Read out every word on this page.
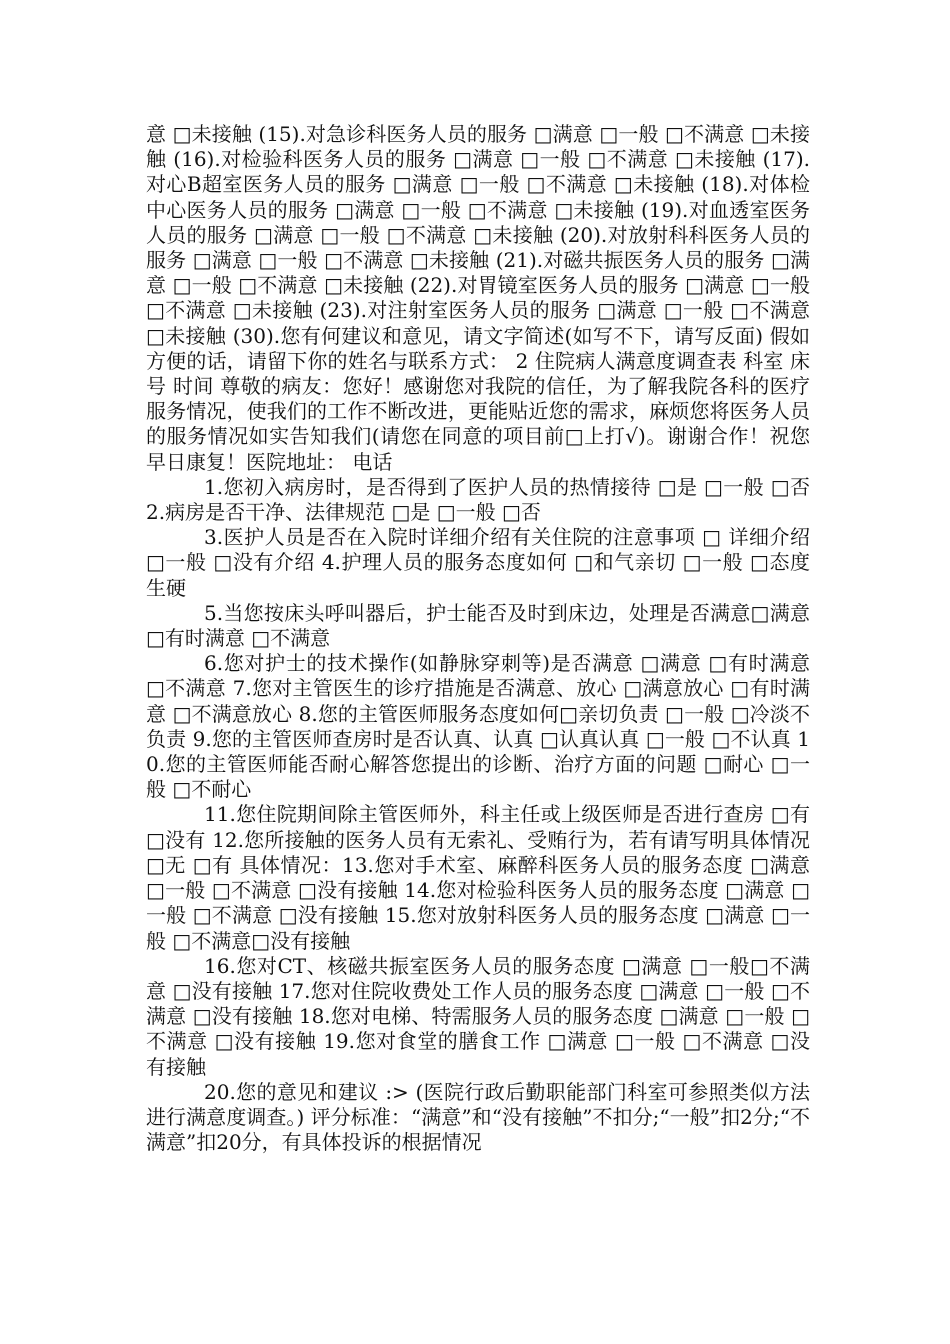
意 □未接触 (15).对急诊科医务人员的服务 □满意 □一般 □不满意 □未接触 (16).对检验科医务人员的服务 □满意 □一般 □不满意 □未接触 (17).对心B超室医务人员的服务 □满意 □一般 □不满意 □未接触 (18).对体检中心医务人员的服务 □满意 □一般 □不满意 □未接触 (19).对血透室医务人员的服务 □满意 □一般 □不满意 □未接触 (20).对放射科科医务人员的服务 □满意 □一般 □不满意 □未接触 (21).对磁共振医务人员的服务 □满意 □一般 □不满意 □未接触 (22).对胃镜室医务人员的服务 □满意 □一般 □不满意 □未接触 (23).对注射室医务人员的服务 □满意 □一般 □不满意 □未接触 (30).您有何建议和意见，请文字简述(如写不下，请写反面) 假如方便的话，请留下你的姓名与联系方式： 2 住院病人满意度调查表 科室 床号 时间 尊敬的病友：您好！感谢您对我院的信任，为了解我院各科的医疗服务情况，使我们的工作不断改进，更能贴近您的需求，麻烦您将医务人员的服务情况如实告知我们(请您在同意的项目前□上打√)。谢谢合作！祝您早日康复！医院地址： 电话

1.您初入病房时，是否得到了医护人员的热情接待 □是 □一般 □否 2.病房是否干净、法律规范 □是 □一般 □否

3.医护人员是否在入院时详细介绍有关住院的注意事项 □ 详细介绍 □一般 □没有介绍 4.护理人员的服务态度如何 □和气亲切 □一般 □态度生硬

5.当您按床头呼叫器后，护士能否及时到床边，处理是否满意□满意 □有时满意 □不满意

6.您对护士的技术操作(如静脉穿刺等)是否满意 □满意 □有时满意 □不满意 7.您对主管医生的诊疗措施是否满意、放心 □满意放心 □有时满意 □不满意放心 8.您的主管医师服务态度如何□亲切负责 □一般 □冷淡不负责 9.您的主管医师查房时是否认真、认真 □认真认真 □一般 □不认真 10.您的主管医师能否耐心解答您提出的诊断、治疗方面的问题 □耐心 □一般 □不耐心

11.您住院期间除主管医师外，科主任或上级医师是否进行查房 □有 □没有 12.您所接触的医务人员有无索礼、受贿行为，若有请写明具体情况 □无 □有 具体情况：13.您对手术室、麻醉科医务人员的服务态度 □满意 □一般 □不满意 □没有接触 14.您对检验科医务人员的服务态度 □满意 □一般 □不满意 □没有接触 15.您对放射科医务人员的服务态度 □满意 □一般 □不满意□没有接触

16.您对CT、核磁共振室医务人员的服务态度 □满意 □一般□不满意 □没有接触 17.您对住院收费处工作人员的服务态度 □满意 □一般 □不满意 □没有接触 18.您对电梯、特需服务人员的服务态度 □满意 □一般 □不满意 □没有接触 19.您对食堂的膳食工作 □满意 □一般 □不满意 □没有接触

20.您的意见和建议 :> (医院行政后勤职能部门科室可参照类似方法进行满意度调查。) 评分标准：“满意”和“没有接触”不扣分;“一般”扣2分;“不满意”扣20分，有具体投诉的根据情况
